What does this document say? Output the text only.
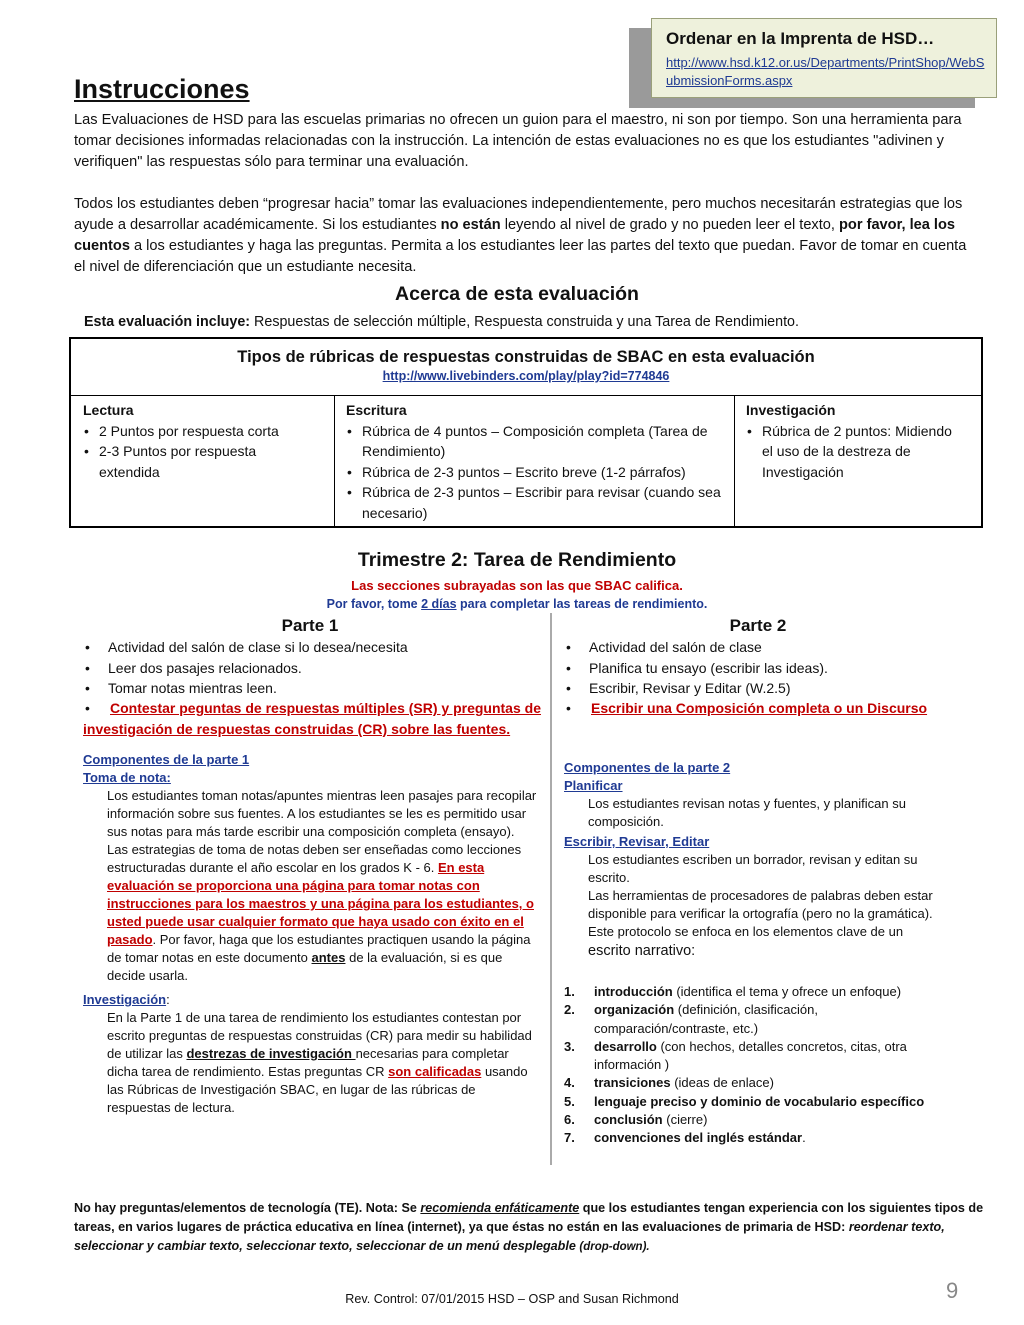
Ordenar en la Imprenta de HSD…
http://www.hsd.k12.or.us/Departments/PrintShop/WebSubmissionForms.aspx
Instrucciones
Las Evaluaciones de HSD para las escuelas primarias no ofrecen un guion para el maestro, ni son por tiempo. Son una herramienta para tomar decisiones informadas relacionadas con la instrucción. La intención de estas evaluaciones no es que los estudiantes "adivinen y verifiquen" las respuestas sólo para terminar una evaluación.
Todos los estudiantes deben “progresar hacia” tomar las evaluaciones independientemente, pero muchos necesitarán estrategias que los ayude a desarrollar académicamente. Si los estudiantes no están leyendo al nivel de grado y no pueden leer el texto, por favor, lea los cuentos a los estudiantes y haga las preguntas. Permita a los estudiantes leer las partes del texto que puedan. Favor de tomar en cuenta el nivel de diferenciación que un estudiante necesita.
Acerca de esta evaluación
Esta evaluación incluye: Respuestas de selección múltiple, Respuesta construida y una Tarea de Rendimiento.
Tipos de rúbricas de respuestas construidas de SBAC en esta evaluación
http://www.livebinders.com/play/play?id=774846
Lectura
• 2 Puntos por respuesta corta
• 2-3 Puntos por respuesta extendida
Escritura
• Rúbrica de 4 puntos – Composición completa (Tarea de Rendimiento)
• Rúbrica de 2-3 puntos – Escrito breve (1-2 párrafos)
• Rúbrica de 2-3 puntos – Escribir para revisar (cuando sea necesario)
Investigación
• Rúbrica de 2 puntos: Midiendo el uso de la destreza de Investigación
Trimestre 2: Tarea de Rendimiento
Las secciones subrayadas son las que SBAC califica.
Por favor, tome 2 días para completar las tareas de rendimiento.
Parte 1
• Actividad del salón de clase si lo desea/necesita
• Leer dos pasajes relacionados.
• Tomar notas mientras leen.
• Contestar peguntas de respuestas múltiples (SR) y preguntas de investigación de respuestas construidas (CR) sobre las fuentes.
Componentes de la parte 1
Toma de nota:
Los estudiantes toman notas/apuntes mientras leen pasajes para recopilar información sobre sus fuentes. A los estudiantes se les es permitido usar sus notas para más tarde escribir una composición completa (ensayo). Las estrategias de toma de notas deben ser enseñadas como lecciones estructuradas durante el año escolar en los grados K - 6. En esta evaluación se proporciona una página para tomar notas con instrucciones para los maestros y una página para los estudiantes, o usted puede usar cualquier formato que haya usado con éxito en el pasado. Por favor, haga que los estudiantes practiquen usando la página de tomar notas en este documento antes de la evaluación, si es que decide usarla.
Investigación:
En la Parte 1 de una tarea de rendimiento los estudiantes contestan por escrito preguntas de respuestas construidas (CR) para medir su habilidad de utilizar las destrezas de investigación necesarias para completar dicha tarea de rendimiento. Estas preguntas CR son calificadas usando las Rúbricas de Investigación SBAC, en lugar de las rúbricas de respuestas de lectura.
Parte 2
• Actividad del salón de clase
• Planifica tu ensayo (escribir las ideas).
• Escribir, Revisar y Editar (W.2.5)
• Escribir una Composición completa o un Discurso
Componentes de la parte 2
Planificar
Los estudiantes revisan notas y fuentes, y planifican su composición.
Escribir, Revisar, Editar
Los estudiantes escriben un borrador, revisan y editan su escrito.
Las herramientas de procesadores de palabras deben estar disponible para verificar la ortografía (pero no la gramática).
Este protocolo se enfoca en los elementos clave de un
escrito narrativo:
1. introducción (identifica el tema y ofrece un enfoque)
2. organización (definición, clasificación, comparación/contraste, etc.)
3. desarrollo (con hechos, detalles concretos, citas, otra información )
4. transiciones (ideas de enlace)
5. lenguaje preciso y dominio de vocabulario específico
6. conclusión (cierre)
7. convenciones del inglés estándar.
No hay preguntas/elementos de tecnología (TE). Nota: Se recomienda enfáticamente que los estudiantes tengan experiencia con los siguientes tipos de tareas, en varios lugares de práctica educativa en línea (internet), ya que éstas no están en las evaluaciones de primaria de HSD: reordenar texto, seleccionar y cambiar texto, seleccionar texto, seleccionar de un menú desplegable (drop-down).
9
Rev. Control: 07/01/2015 HSD – OSP and Susan Richmond
